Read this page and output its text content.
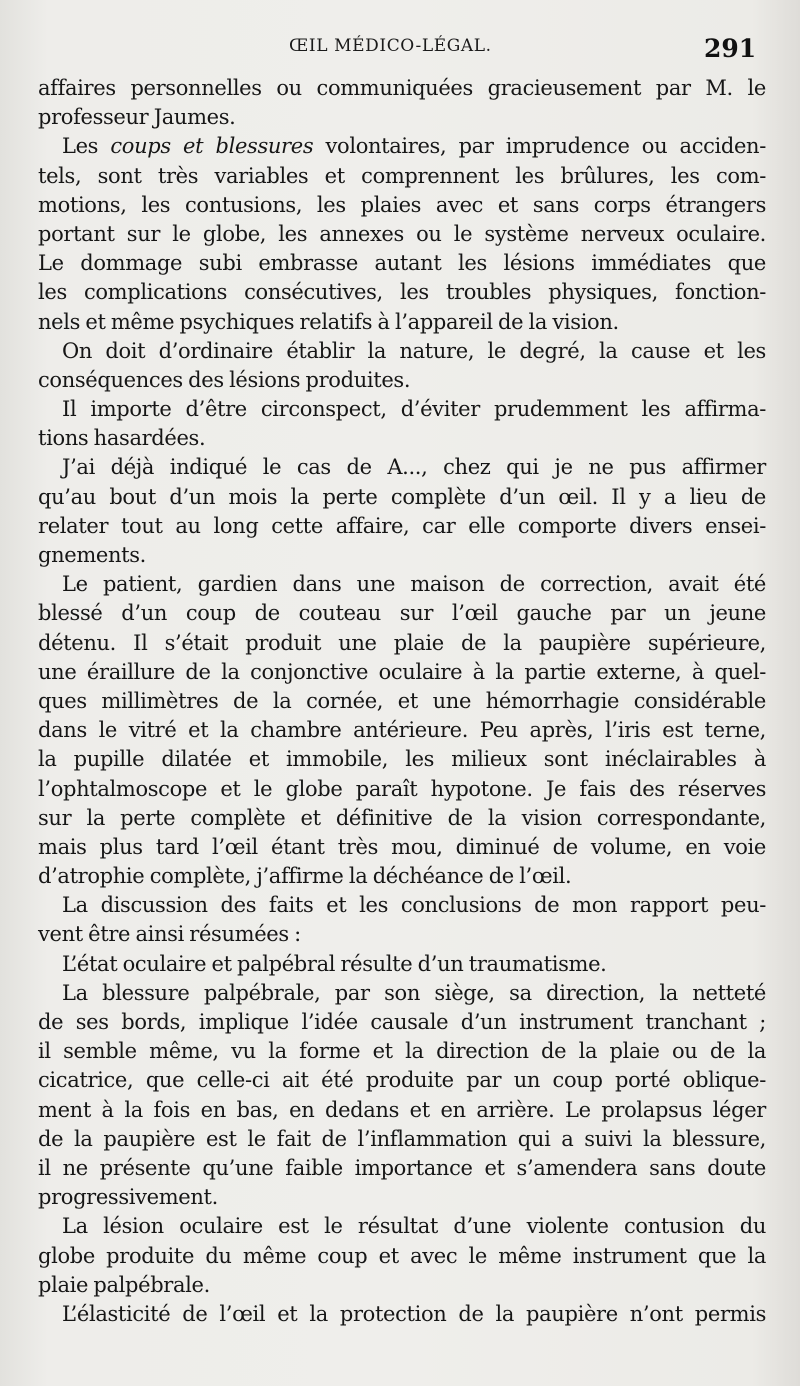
ŒIL MÉDICO-LÉGAL.	291
affaires personnelles ou communiquées gracieusement par M. le
professeur Jaumes.
Les coups et blessures volontaires, par imprudence ou acciden-
tels, sont très variables et comprennent les brûlures, les com-
motions, les contusions, les plaies avec et sans corps étrangers
portant sur le globe, les annexes ou le système nerveux oculaire.
Le dommage subi embrasse autant les lésions immédiates que
les complications consécutives, les troubles physiques, fonction-
nels et même psychiques relatifs à l’appareil de la vision.
On doit d’ordinaire établir la nature, le degré, la cause et les
conséquences des lésions produites.
Il importe d’être circonspect, d’éviter prudemment les affirma-
tions hasardées.
J’ai déjà indiqué le cas de A..., chez qui je ne pus affirmer
qu’au bout d’un mois la perte complète d’un œil. Il y a lieu de
relater tout au long cette affaire, car elle comporte divers ensei-
gnements.
Le patient, gardien dans une maison de correction, avait été
blessé d’un coup de couteau sur l’œil gauche par un jeune
détenu. Il s’était produit une plaie de la paupière supérieure,
une éraillure de la conjonctive oculaire à la partie externe, à quel-
ques millimètres de la cornée, et une hémorrhagie considérable
dans le vitré et la chambre antérieure. Peu après, l’iris est terne,
la pupille dilatée et immobile, les milieux sont inéclairables à
l’ophtalmoscope et le globe paraît hypotone. Je fais des réserves
sur la perte complète et définitive de la vision correspondante,
mais plus tard l’œil étant très mou, diminué de volume, en voie
d’atrophie complète, j’affirme la déchéance de l’œil.
La discussion des faits et les conclusions de mon rapport peu-
vent être ainsi résumées :
L’état oculaire et palpébral résulte d’un traumatisme.
La blessure palpébrale, par son siège, sa direction, la netteté
de ses bords, implique l’idée causale d’un instrument tranchant ;
il semble même, vu la forme et la direction de la plaie ou de la
cicatrice, que celle-ci ait été produite par un coup porté oblique-
ment à la fois en bas, en dedans et en arrière. Le prolapsus léger
de la paupière est le fait de l’inflammation qui a suivi la blessure,
il ne présente qu’une faible importance et s’amendera sans doute
progressivement.
La lésion oculaire est le résultat d’une violente contusion du
globe produite du même coup et avec le même instrument que la
plaie palpébrale.
L’élasticité de l’œil et la protection de la paupière n’ont permis
